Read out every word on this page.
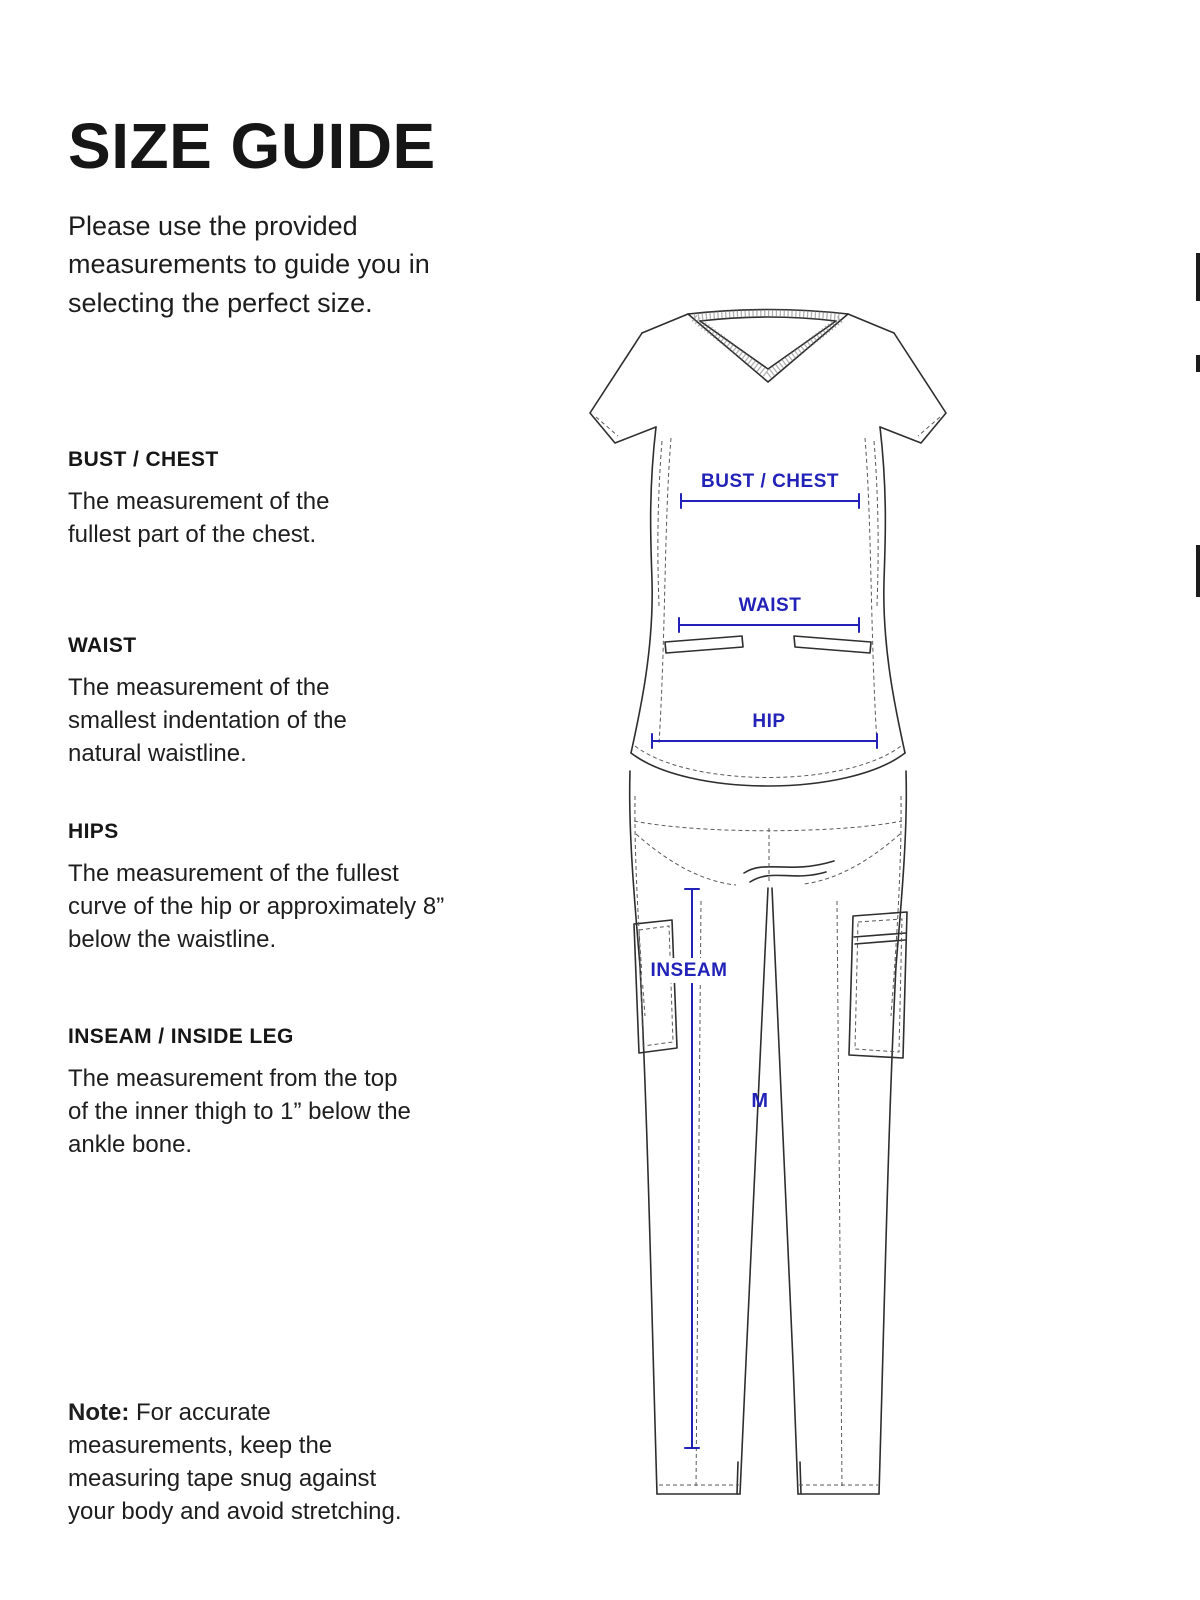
SIZE GUIDE

Please use the provided measurements to guide you in selecting the perfect size.

BUST / CHEST

The measurement of the fullest part of the chest.

WAIST

The measurement of the smallest indentation of the natural waistline.

HIPS

The measurement of the fullest curve of the hip or approximately 8” below the waistline.

INSEAM / INSIDE LEG

The measurement from the top of the inner thigh to 1” below the ankle bone.

Note: For accurate measurements, keep the measuring tape snug against your body and avoid stretching.

BUST / CHEST
WAIST
HIP
INSEAM
M
